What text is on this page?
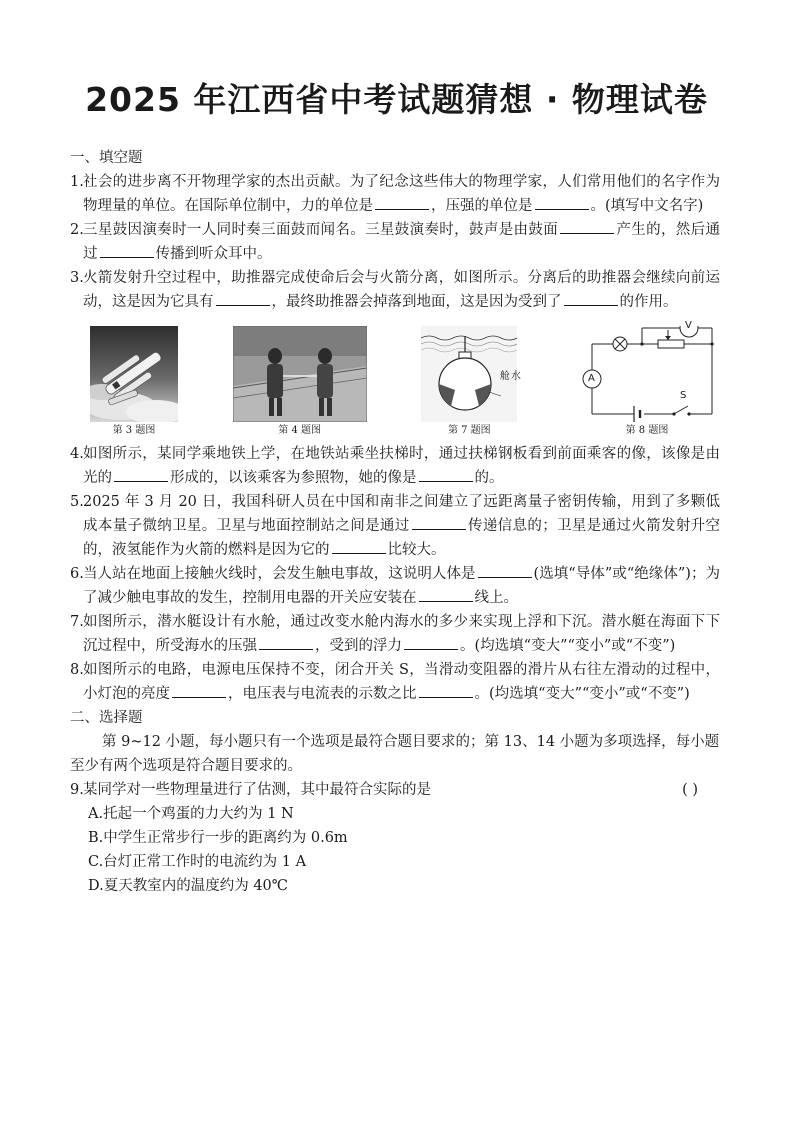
2025 年江西省中考试题猜想 · 物理试卷

一、填空题

1. 社会的进步离不开物理学家的杰出贡献。为了纪念这些伟大的物理学家，人们常用他们的名字作为物理量的单位。在国际单位制中，力的单位是	，压强的单位是	。(填写中文名字)
2. 三星鼓因演奏时一人同时奏三面鼓而闻名。三星鼓演奏时，鼓声是由鼓面	产生的，然后通过	传播到听众耳中。
3. 火箭发射升空过程中，助推器完成使命后会与火箭分离，如图所示。分离后的助推器会继续向前运动，这是因为它具有	，最终助推器会掉落到地面，这是因为受到了	的作用。
第 3 题图	第 4 题图	第 7 题图
V
A
S
第 8 题图
4. 如图所示，某同学乘地铁上学，在地铁站乘坐扶梯时，通过扶梯钢板看到前面乘客的像，该像是由光的	形成的，以该乘客为参照物，她的像是	的。
5. 2025 年 3 月 20 日，我国科研人员在中国和南非之间建立了远距离量子密钥传输，用到了多颗低成本量子微纳卫星。卫星与地面控制站之间是通过	传递信息的；卫星是通过火箭发射升空的，液氢能作为火箭的燃料是因为它的	比较大。
6. 当人站在地面上接触火线时，会发生触电事故，这说明人体是	(选填“导体”或“绝缘体”)；为了减少触电事故的发生，控制用电器的开关应安装在	线上。
7. 如图所示，潜水艇设计有水舱，通过改变水舱内海水的多少来实现上浮和下沉。潜水艇在海面下下沉过程中，所受海水的压强	，受到的浮力	。(均选填“变大”“变小”或“不变”)
8. 如图所示的电路，电源电压保持不变，闭合开关 S，当滑动变阻器的滑片从右往左滑动的过程中，小灯泡的亮度	，电压表与电流表的示数之比	。(均选填“变大”“变小”或“不变”)

二、选择题

第 9~12 小题，每小题只有一个选项是最符合题目要求的；第 13、14 小题为多项选择，每小题至少有两个选项是符合题目要求的。

9. 某同学对一些物理量进行了估测，其中最符合实际的是	( )

A.托起一个鸡蛋的力大约为 1 N

B.中学生正常步行一步的距离约为 0.6m

C.台灯正常工作时的电流约为 1 A

D.夏天教室内的温度约为 40℃
